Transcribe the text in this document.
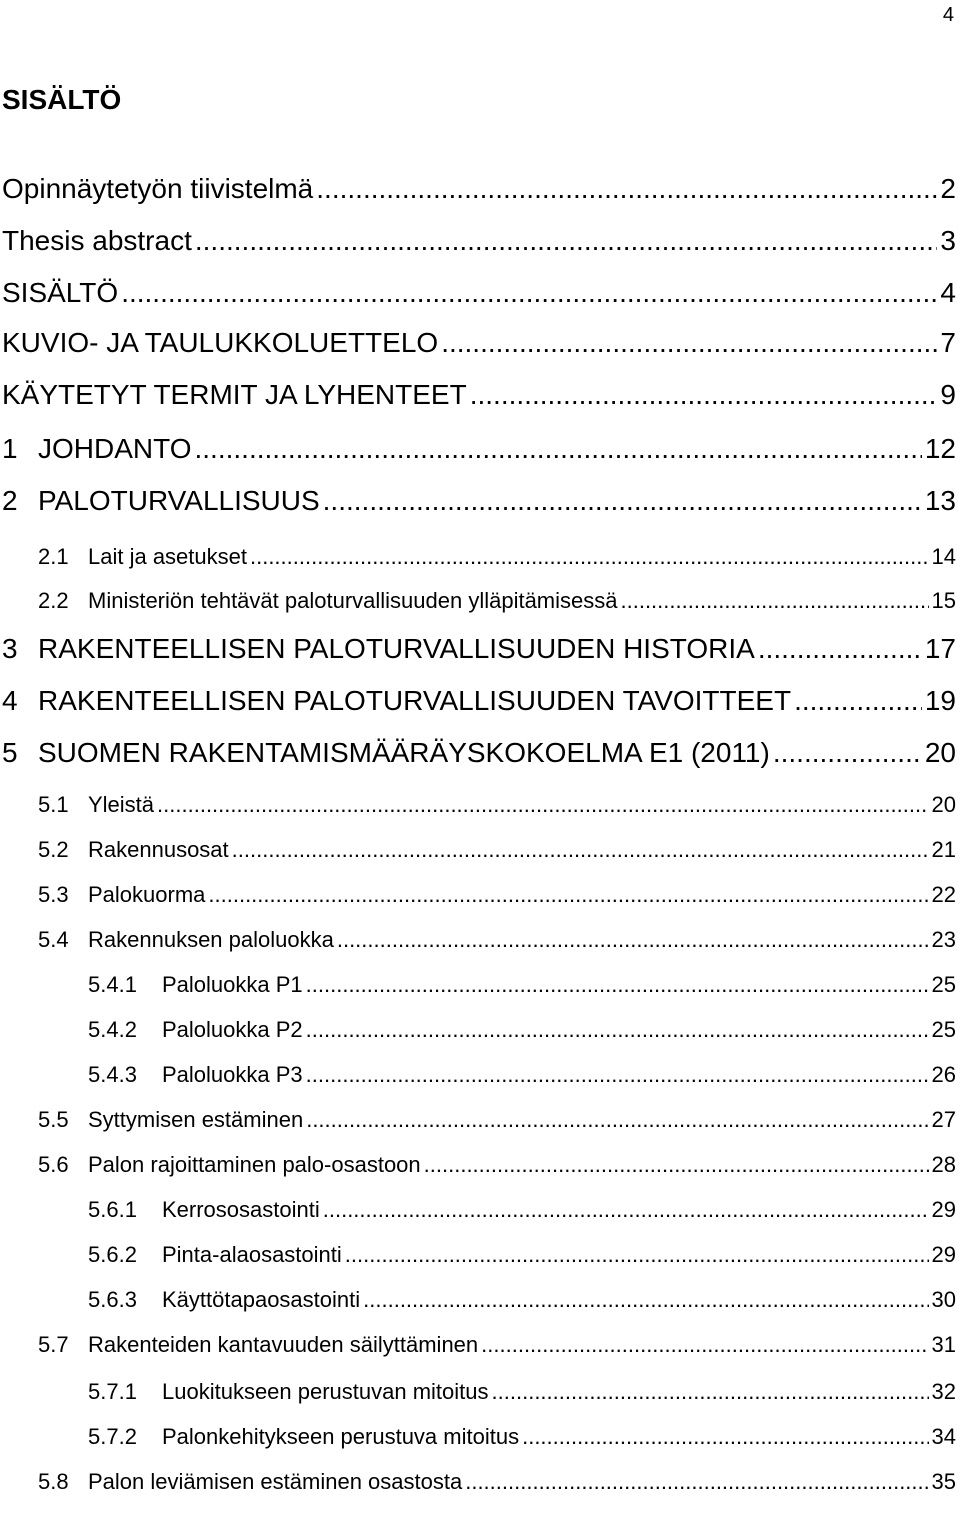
4
SISÄLTÖ
Opinnäytetyön tiivistelmä .....	2
Thesis abstract .....	3
SISÄLTÖ .....	4
KUVIO- JA TAULUKKOLUETTELO .....	7
KÄYTETYT TERMIT JA LYHENTEET .....	9
1 JOHDANTO .....	12
2 PALOTURVALLISUUS .....	13
2.1 Lait ja asetukset .....	14
2.2 Ministeriön tehtävät paloturvallisuuden ylläpitämisessä .....	15
3 RAKENTEELLISEN PALOTURVALLISUUDEN HISTORIA .....	17
4 RAKENTEELLISEN PALOTURVALLISUUDEN TAVOITTEET .....	19
5 SUOMEN RAKENTAMISMÄÄRÄYSKOKOELMA E1 (2011) .....	20
5.1 Yleistä .....	20
5.2 Rakennusosat .....	21
5.3 Palokuorma .....	22
5.4 Rakennuksen paloluokka .....	23
5.4.1	Paloluokka P1 .....	25
5.4.2	Paloluokka P2 .....	25
5.4.3	Paloluokka P3 .....	26
5.5 Syttymisen estäminen .....	27
5.6 Palon rajoittaminen palo-osastoon .....	28
5.6.1	Kerrososastointi .....	29
5.6.2	Pinta-alaosastointi .....	29
5.6.3	Käyttötapaosastointi .....	30
5.7 Rakenteiden kantavuuden säilyttäminen .....	31
5.7.1	Luokitukseen perustuvan mitoitus .....	32
5.7.2	Palonkehitykseen perustuva mitoitus .....	34
5.8 Palon leviämisen estäminen osastosta .....	35
